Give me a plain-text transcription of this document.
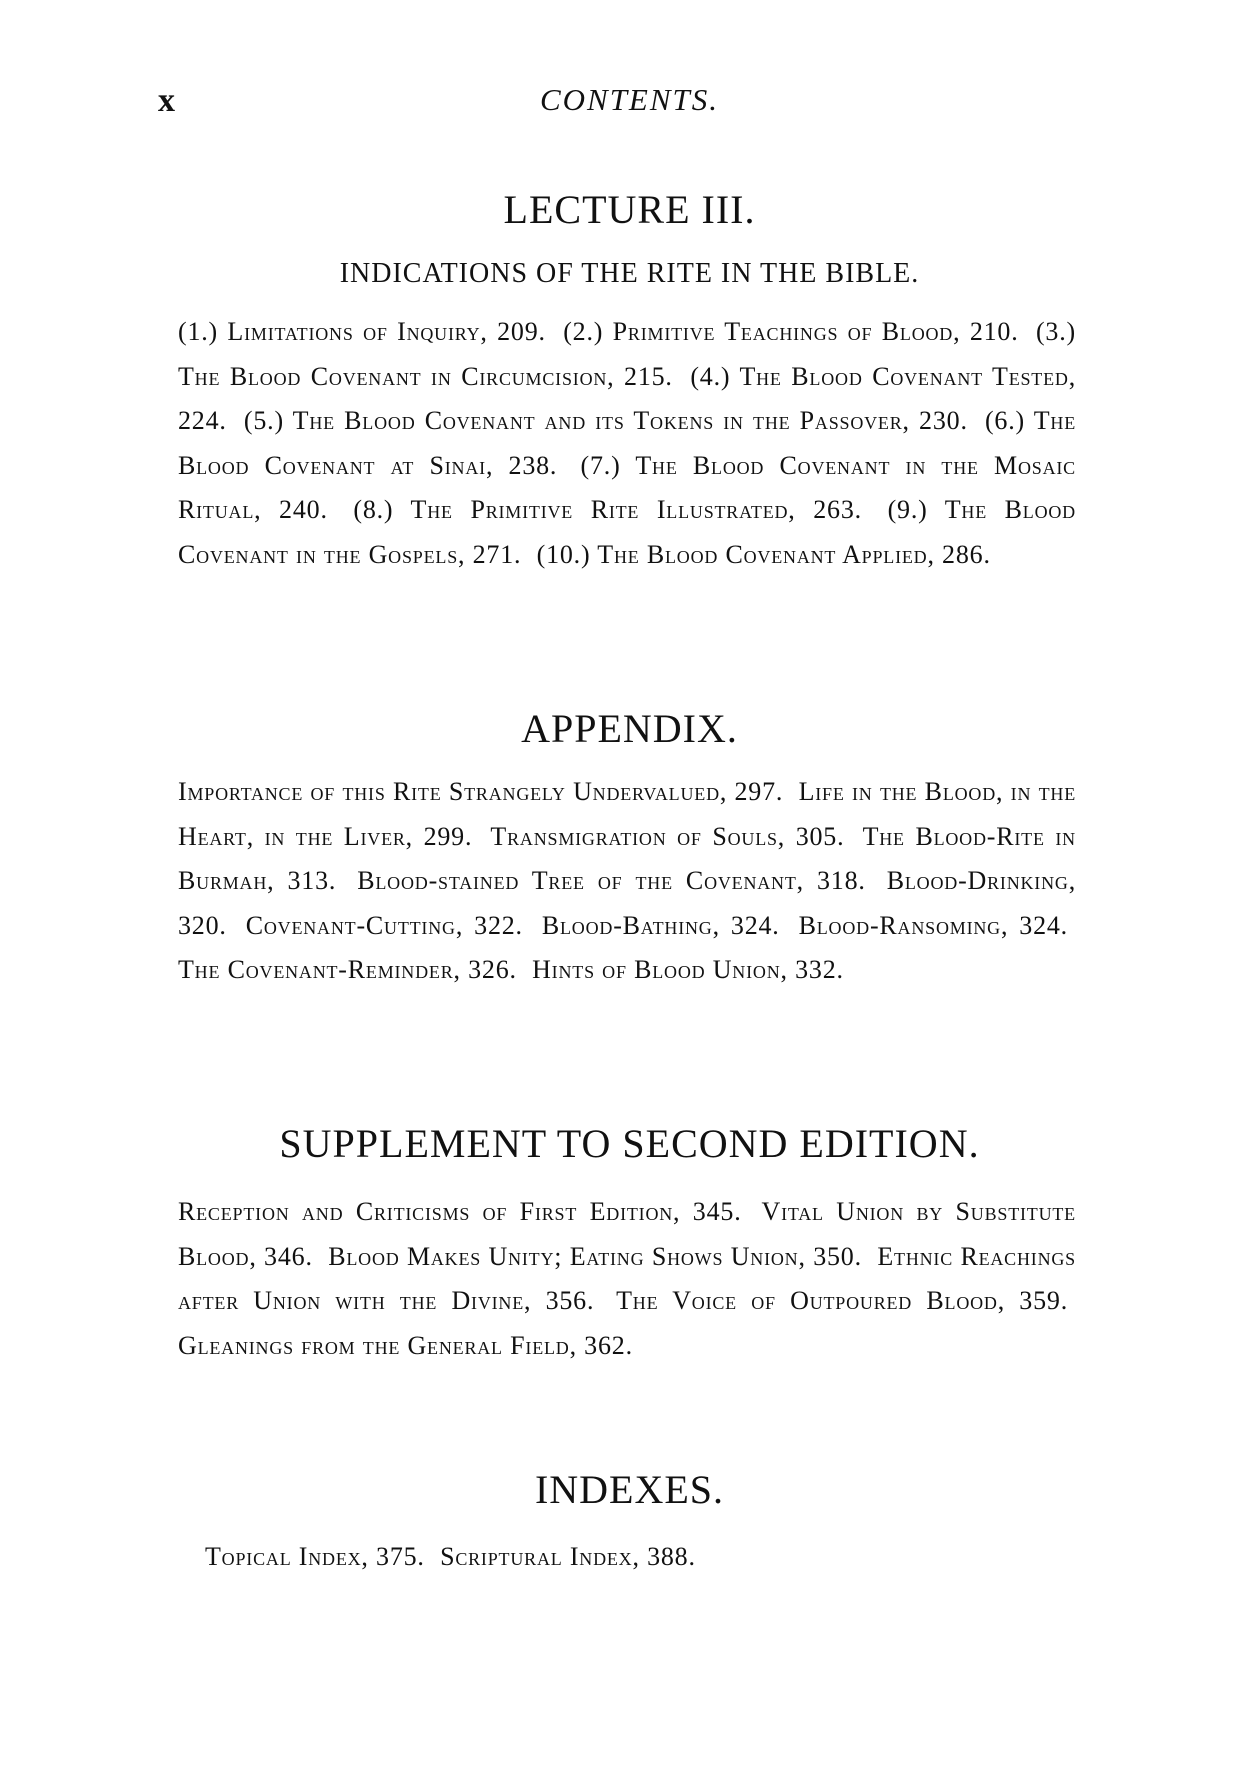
x	CONTENTS.
LECTURE III.
INDICATIONS OF THE RITE IN THE BIBLE.
(1.) Limitations of Inquiry, 209. (2.) Primitive Teachings of Blood, 210. (3.) The Blood Covenant in Circumcision, 215. (4.) The Blood Covenant Tested, 224. (5.) The Blood Covenant and its Tokens in the Passover, 230. (6.) The Blood Covenant at Sinai, 238. (7.) The Blood Covenant in the Mosaic Ritual, 240. (8.) The Primitive Rite Illustrated, 263. (9.) The Blood Covenant in the Gospels, 271. (10.) The Blood Covenant Applied, 286.
APPENDIX.
Importance of this Rite Strangely Undervalued, 297. Life in the Blood, in the Heart, in the Liver, 299. Transmigration of Souls, 305. The Blood-Rite in Burmah, 313. Blood-stained Tree of the Covenant, 318. Blood-Drinking, 320. Covenant-Cutting, 322. Blood-Bathing, 324. Blood-Ransoming, 324. The Covenant-Reminder, 326. Hints of Blood Union, 332.
SUPPLEMENT TO SECOND EDITION.
Reception and Criticisms of First Edition, 345. Vital Union by Substitute Blood, 346. Blood Makes Unity; Eating Shows Union, 350. Ethnic Reachings after Union with the Divine, 356. The Voice of Outpoured Blood, 359. Gleanings from the General Field, 362.
INDEXES.
Topical Index, 375. Scriptural Index, 388.
